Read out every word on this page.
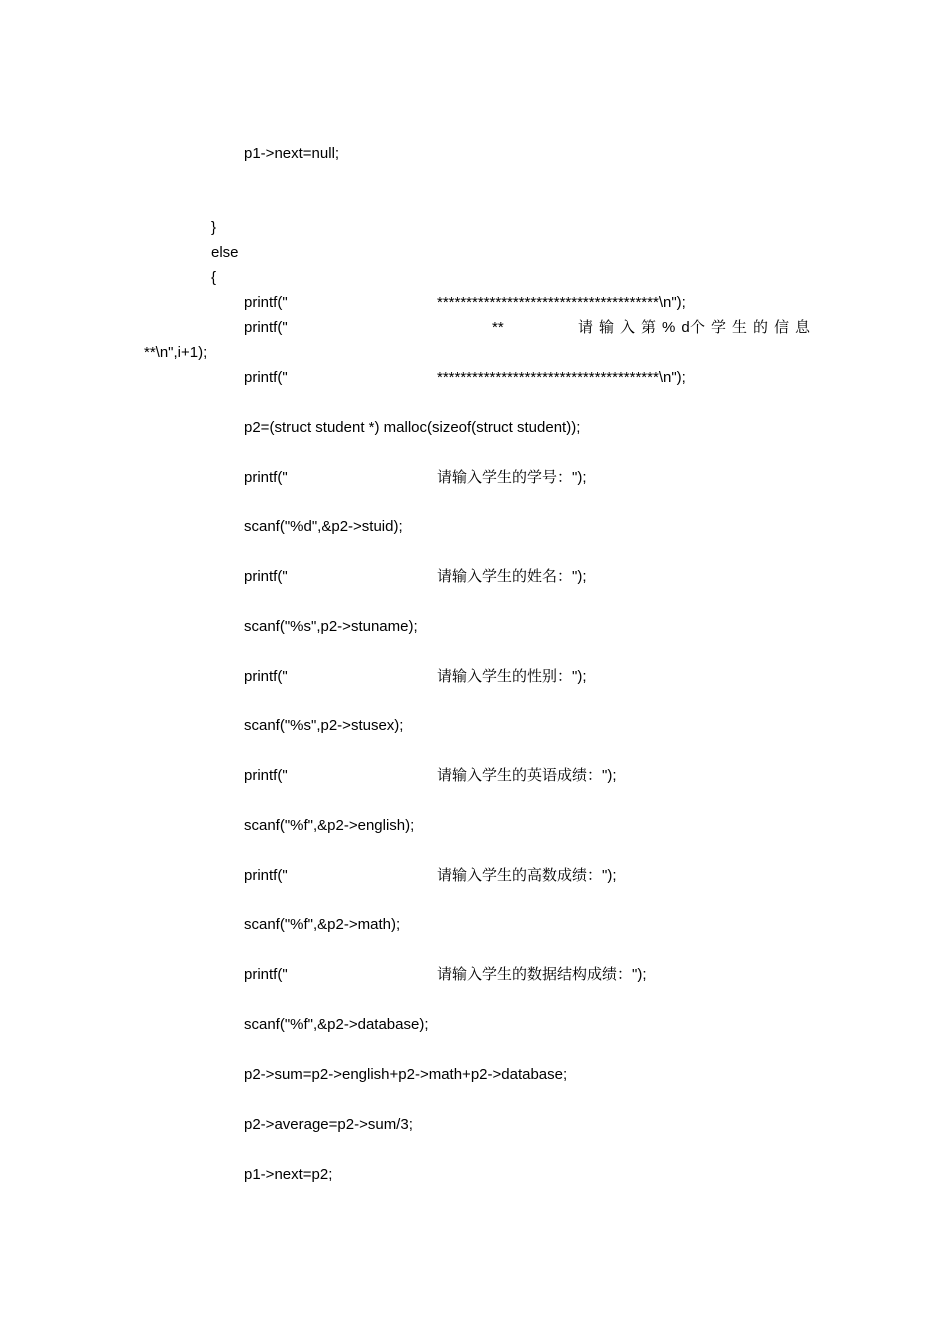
p1->next=null;
}
else
{
printf("	**************************************\n");
printf("	**	请输入第%d
个学生的信息
**\n",i+1);
printf("	**************************************\n");
p2=(struct student *) malloc(sizeof(struct student));
printf("	请输入学生的学号：");
scanf("%d",&p2->stuid);
printf("	请输入学生的姓名：");
scanf("%s",p2->stuname);
printf("	请输入学生的性别：");
scanf("%s",p2->stusex);
printf("	请输入学生的英语成绩：");
scanf("%f",&p2->english);
printf("	请输入学生的高数成绩：");
scanf("%f",&p2->math);
printf("	请输入学生的数据结构成绩：");
scanf("%f",&p2->database);
p2->sum=p2->english+p2->math+p2->database;
p2->average=p2->sum/3;
p1->next=p2;
